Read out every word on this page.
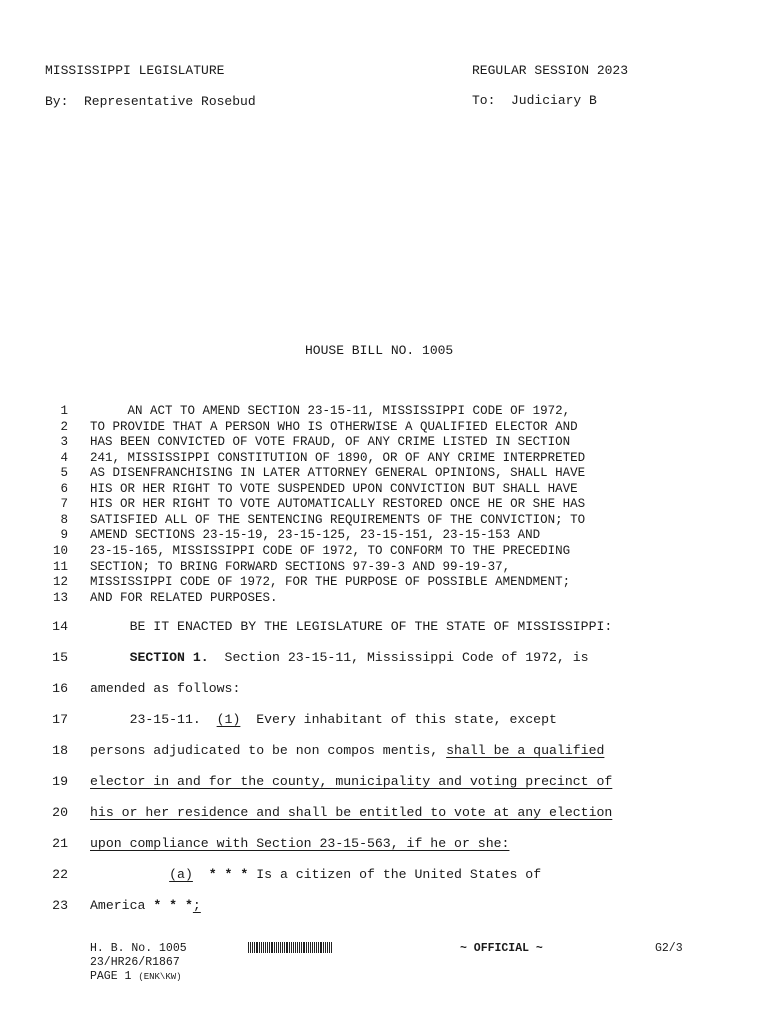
MISSISSIPPI LEGISLATURE	REGULAR SESSION 2023
By:  Representative Rosebud	To:  Judiciary B
HOUSE BILL NO. 1005
1 AN ACT TO AMEND SECTION 23-15-11, MISSISSIPPI CODE OF 1972,
2 TO PROVIDE THAT A PERSON WHO IS OTHERWISE A QUALIFIED ELECTOR AND
3 HAS BEEN CONVICTED OF VOTE FRAUD, OF ANY CRIME LISTED IN SECTION
4 241, MISSISSIPPI CONSTITUTION OF 1890, OR OF ANY CRIME INTERPRETED
5 AS DISENFRANCHISING IN LATER ATTORNEY GENERAL OPINIONS, SHALL HAVE
6 HIS OR HER RIGHT TO VOTE SUSPENDED UPON CONVICTION BUT SHALL HAVE
7 HIS OR HER RIGHT TO VOTE AUTOMATICALLY RESTORED ONCE HE OR SHE HAS
8 SATISFIED ALL OF THE SENTENCING REQUIREMENTS OF THE CONVICTION; TO
9 AMEND SECTIONS 23-15-19, 23-15-125, 23-15-151, 23-15-153 AND
10 23-15-165, MISSISSIPPI CODE OF 1972, TO CONFORM TO THE PRECEDING
11 SECTION; TO BRING FORWARD SECTIONS 97-39-3 AND 99-19-37,
12 MISSISSIPPI CODE OF 1972, FOR THE PURPOSE OF POSSIBLE AMENDMENT;
13 AND FOR RELATED PURPOSES.
14 BE IT ENACTED BY THE LEGISLATURE OF THE STATE OF MISSISSIPPI:
15	SECTION 1.  Section 23-15-11, Mississippi Code of 1972, is
16 amended as follows:
17 23-15-11.  (1)  Every inhabitant of this state, except
18 persons adjudicated to be non compos mentis, shall be a qualified
19 elector in and for the county, municipality and voting precinct of
20 his or her residence and shall be entitled to vote at any election
21 upon compliance with Section 23-15-563, if he or she:
22	(a)  * * * Is a citizen of the United States of
23 America * * *;
H. B. No. 1005
23/HR26/R1867
PAGE 1 (ENK\KW)
~ OFFICIAL ~	G2/3
